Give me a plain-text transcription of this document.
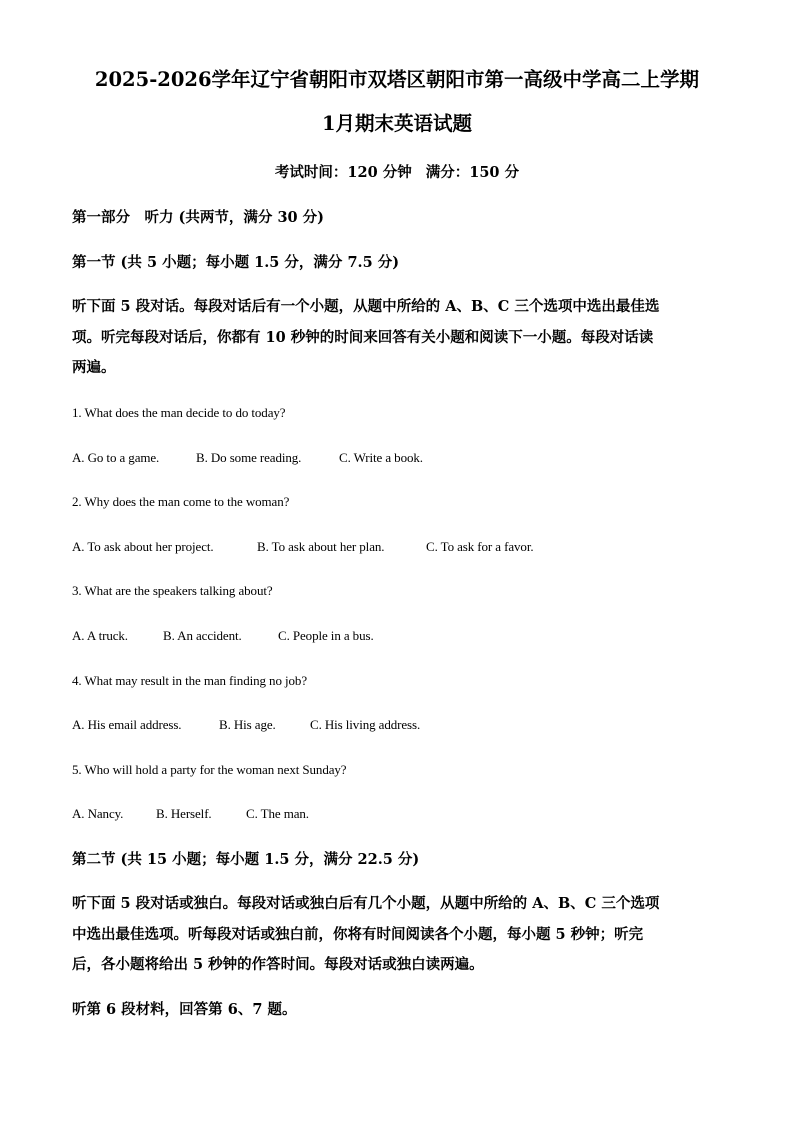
2025-2026学年辽宁省朝阳市双塔区朝阳市第一高级中学高二上学期
1月期末英语试题
考试时间：120 分钟 满分：150 分
第一部分　听力 (共两节，满分 30 分)
第一节 (共 5 小题；每小题 1.5 分，满分 7.5 分)
听下面 5 段对话。每段对话后有一个小题，从题中所给的 A、B、C 三个选项中选出最佳选
项。听完每段对话后，你都有 10 秒钟的时间来回答有关小题和阅读下一小题。每段对话读
两遍。
1. What does the man decide to do today?
A. Go to a game.	B. Do some reading.	C. Write a book.
2. Why does the man come to the woman?
A. To ask about her project.	B. To ask about her plan.	C. To ask for a favor.
3. What are the speakers talking about?
A. A truck.	B. An accident.	C. People in a bus.
4. What may result in the man finding no job?
A. His email address.	B. His age.	C. His living address.
5. Who will hold a party for the woman next Sunday?
A. Nancy.	B. Herself.	C. The man.
第二节 (共 15 小题；每小题 1.5 分，满分 22.5 分)
听下面 5 段对话或独白。每段对话或独白后有几个小题，从题中所给的 A、B、C 三个选项
中选出最佳选项。听每段对话或独白前，你将有时间阅读各个小题，每小题 5 秒钟；听完
后，各小题将给出 5 秒钟的作答时间。每段对话或独白读两遍。
听第 6 段材料，回答第 6、7 题。
